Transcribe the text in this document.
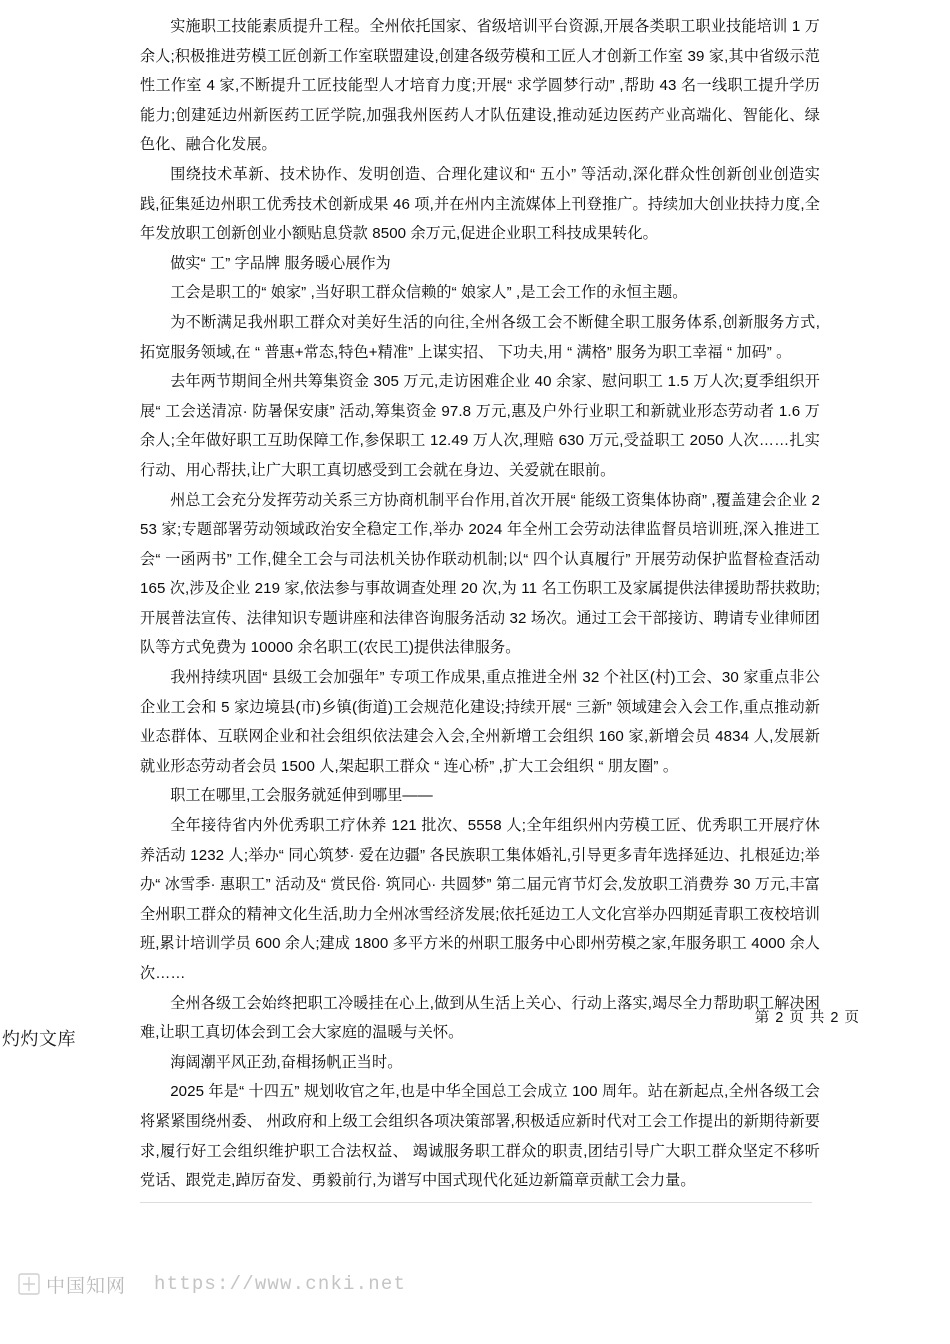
实施职工技能素质提升工程。全州依托国家、省级培训平台资源,开展各类职工职业技能培训 1 万余人;积极推进劳模工匠创新工作室联盟建设,创建各级劳模和工匠人才创新工作室 39 家,其中省级示范性工作室 4 家,不断提升工匠技能型人才培育力度;开展“ 求学圆梦行动” ,帮助 43 名一线职工提升学历能力;创建延边州新医药工匠学院,加强我州医药人才队伍建设,推动延边医药产业高端化、智能化、绿色化、融合化发展。

围绕技术革新、技术协作、发明创造、合理化建议和“ 五小” 等活动,深化群众性创新创业创造实践,征集延边州职工优秀技术创新成果 46 项,并在州内主流媒体上刊登推广。持续加大创业扶持力度,全年发放职工创新创业小额贴息贷款 8500 余万元,促进企业职工科技成果转化。

做实“ 工” 字品牌 服务暖心展作为

工会是职工的“ 娘家” ,当好职工群众信赖的“ 娘家人” ,是工会工作的永恒主题。

为不断满足我州职工群众对美好生活的向往,全州各级工会不断健全职工服务体系,创新服务方式,拓宽服务领域,在 “ 普惠+常态,特色+精准” 上谋实招、 下功夫,用 “ 满格” 服务为职工幸福 “ 加码” 。

去年两节期间全州共筹集资金 305 万元,走访困难企业 40 余家、慰问职工 1.5 万人次;夏季组织开展“ 工会送清凉· 防暑保安康” 活动,筹集资金 97.8 万元,惠及户外行业职工和新就业形态劳动者 1.6 万余人;全年做好职工互助保障工作,参保职工 12.49 万人次,理赔 630 万元,受益职工 2050 人次……扎实行动、用心帮扶,让广大职工真切感受到工会就在身边、关爱就在眼前。

州总工会充分发挥劳动关系三方协商机制平台作用,首次开展“ 能级工资集体协商” ,覆盖建会企业 253 家;专题部署劳动领域政治安全稳定工作,举办 2024 年全州工会劳动法律监督员培训班,深入推进工会“ 一函两书” 工作,健全工会与司法机关协作联动机制;以“ 四个认真履行” 开展劳动保护监督检查活动 165 次,涉及企业 219 家,依法参与事故调查处理 20 次,为 11 名工伤职工及家属提供法律援助帮扶救助;开展普法宣传、法律知识专题讲座和法律咨询服务活动 32 场次。通过工会干部接访、聘请专业律师团队等方式免费为 10000 余名职工(农民工)提供法律服务。

我州持续巩固“ 县级工会加强年” 专项工作成果,重点推进全州 32 个社区(村)工会、30 家重点非公企业工会和 5 家边境县(市)乡镇(街道)工会规范化建设;持续开展“ 三新” 领域建会入会工作,重点推动新业态群体、互联网企业和社会组织依法建会入会,全州新增工会组织 160 家,新增会员 4834 人,发展新就业形态劳动者会员 1500 人,架起职工群众 “ 连心桥” ,扩大工会组织 “ 朋友圈” 。

职工在哪里,工会服务就延伸到哪里——

全年接待省内外优秀职工疗休养 121 批次、5558 人;全年组织州内劳模工匠、优秀职工开展疗休养活动 1232 人;举办“ 同心筑梦· 爱在边疆” 各民族职工集体婚礼,引导更多青年选择延边、扎根延边;举办“ 冰雪季· 惠职工” 活动及“ 赏民俗· 筑同心· 共圆梦” 第二届元宵节灯会,发放职工消费券 30 万元,丰富全州职工群众的精神文化生活,助力全州冰雪经济发展;依托延边工人文化宫举办四期延青职工夜校培训班,累计培训学员 600 余人;建成 1800 多平方米的州职工服务中心即州劳模之家,年服务职工 4000 余人次……

全州各级工会始终把职工冷暖挂在心上,做到从生活上关心、行动上落实,竭尽全力帮助职工解决困难,让职工真切体会到工会大家庭的温暖与关怀。

海阔潮平风正劲,奋楫扬帆正当时。

2025 年是“ 十四五” 规划收官之年,也是中华全国总工会成立 100 周年。站在新起点,全州各级工会将紧紧围绕州委、 州政府和上级工会组织各项决策部署,积极适应新时代对工会工作提出的新期待新要求,履行好工会组织维护职工合法权益、 竭诚服务职工群众的职责,团结引导广大职工群众坚定不移听党话、跟党走,踔厉奋发、勇毅前行,为谱写中国式现代化延边新篇章贡献工会力量。

第 2 页 共 2 页
灼灼文库
中国知网 https://www.cnki.net
